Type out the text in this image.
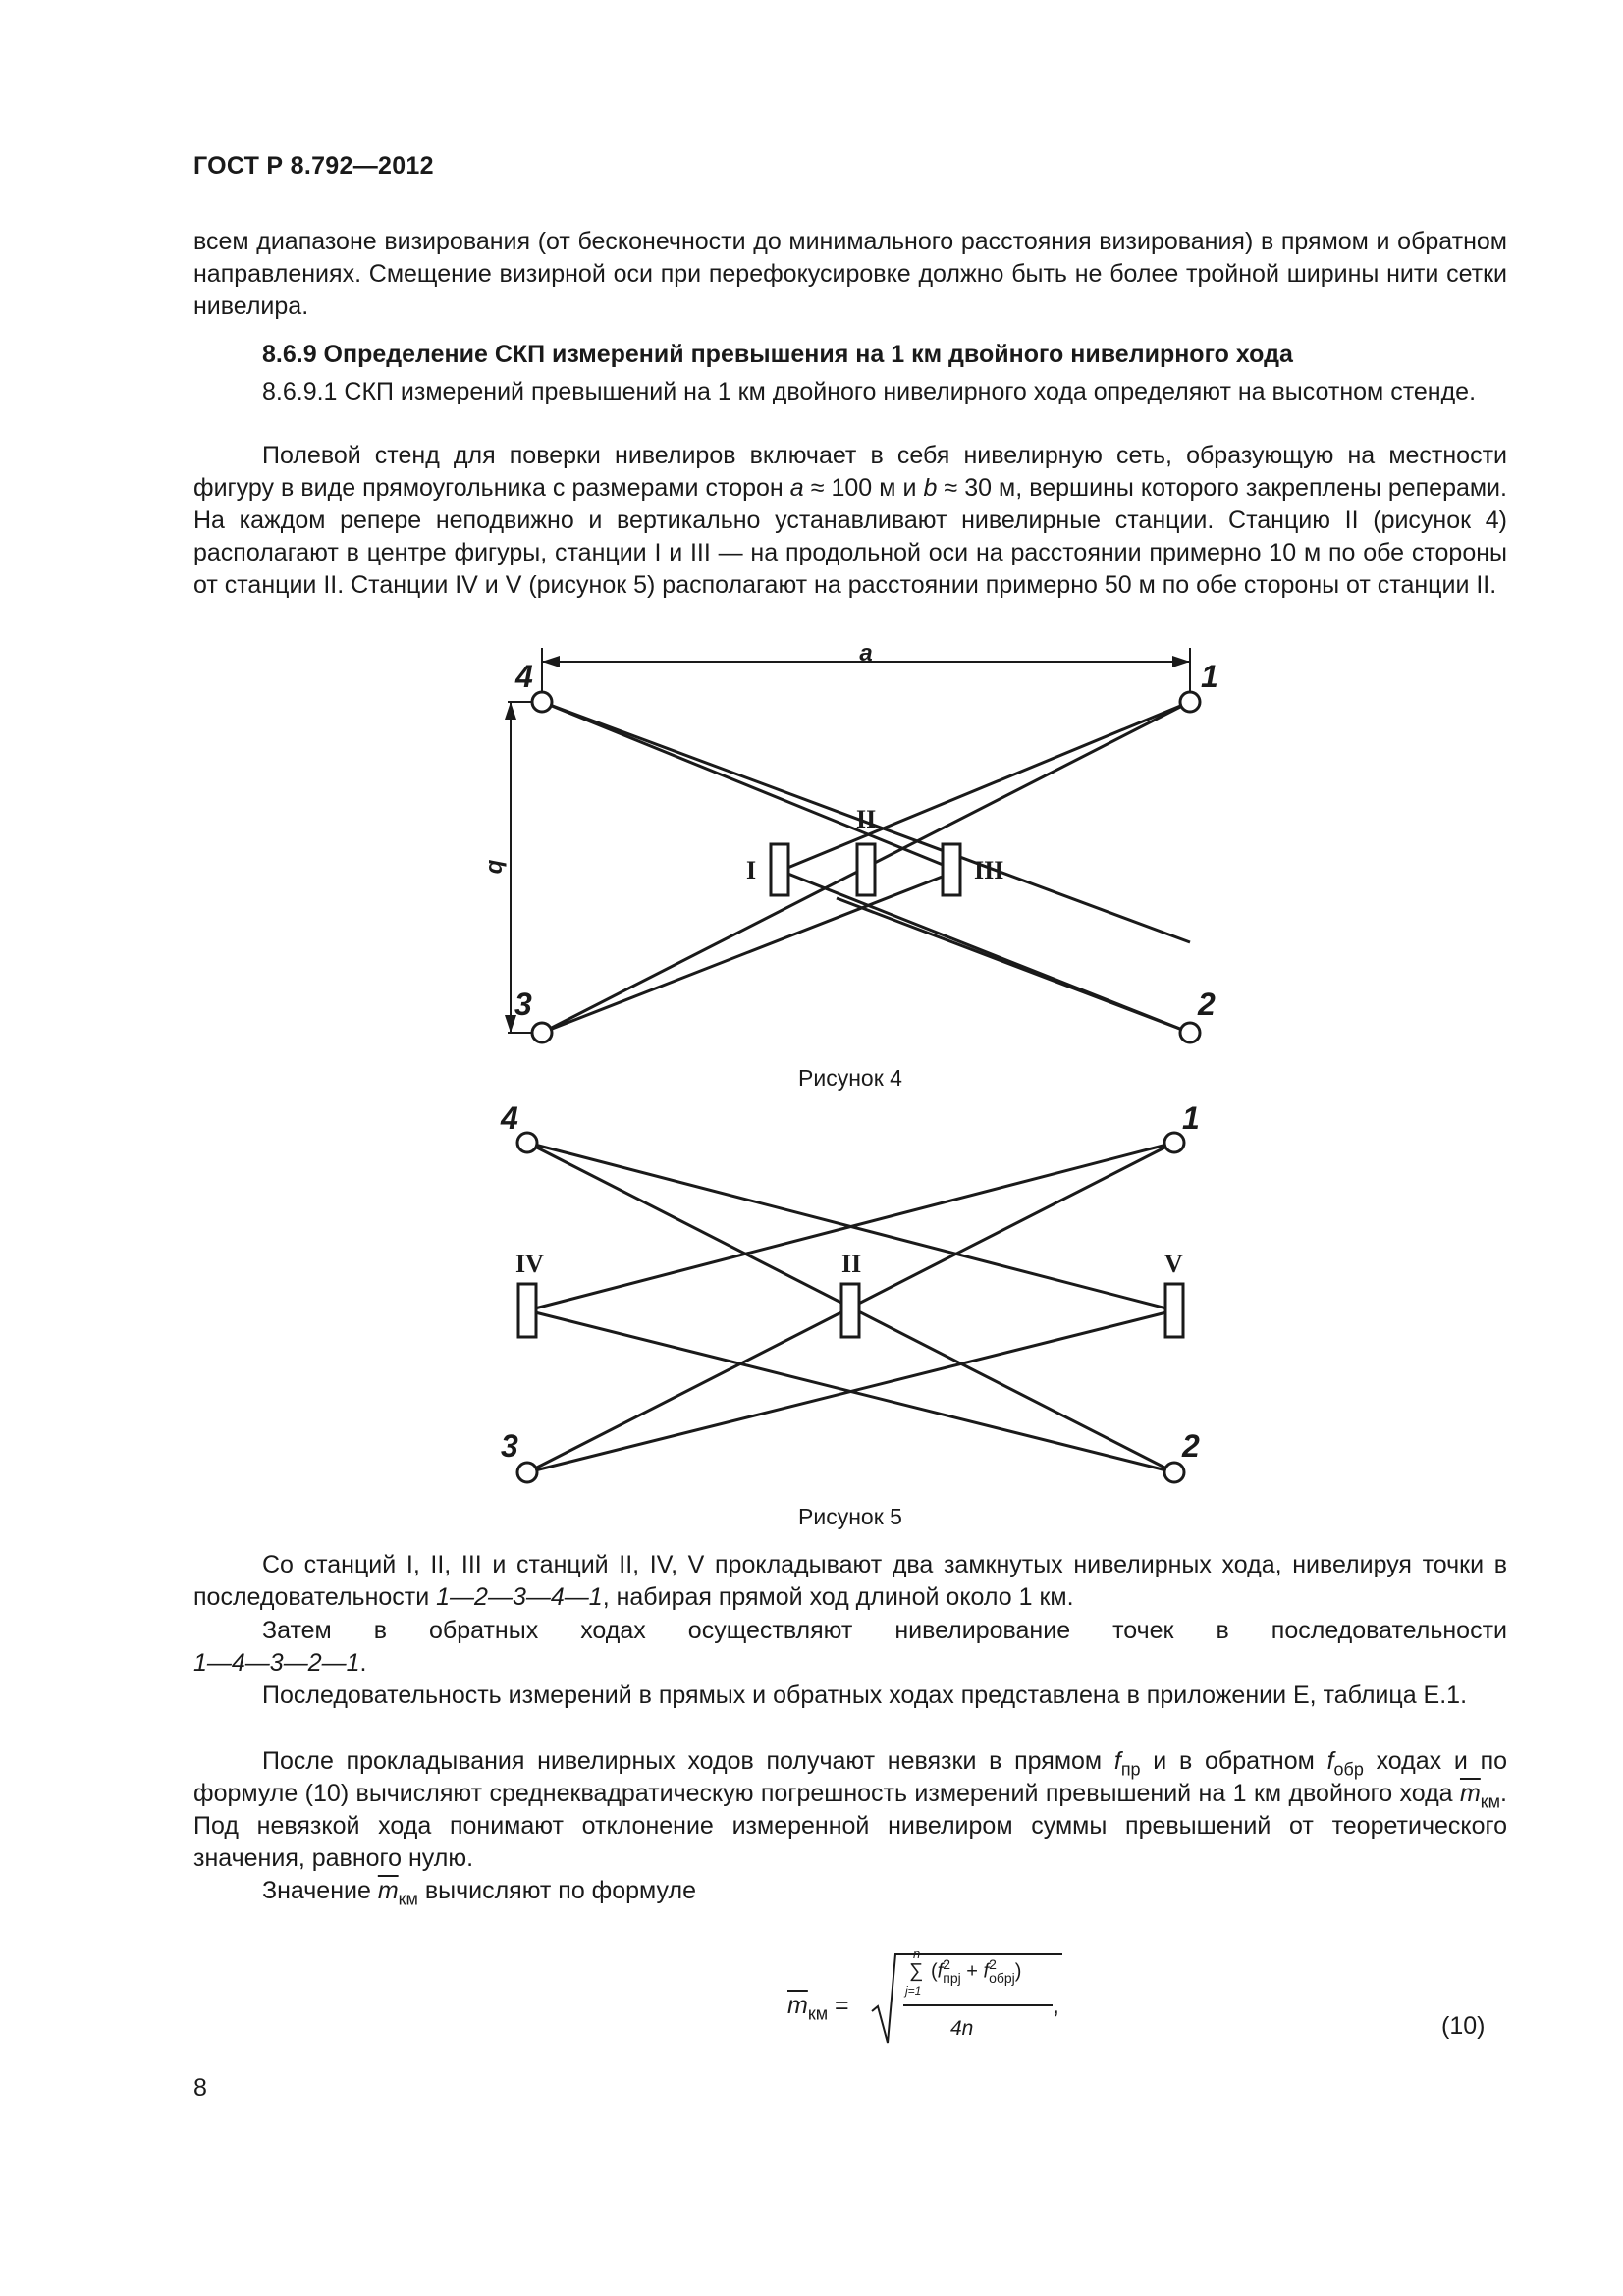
ГОСТ Р 8.792—2012

всем диапазоне визирования (от бесконечности до минимального расстояния визирования) в прямом и обратном направлениях. Смещение визирной оси при перефокусировке должно быть не более тройной ширины нити сетки нивелира.

8.6.9 Определение СКП измерений превышения на 1 км двойного нивелирного хода

8.6.9.1 СКП измерений превышений на 1 км двойного нивелирного хода определяют на высотном стенде.

Полевой стенд для поверки нивелиров включает в себя нивелирную сеть, образующую на местности фигуру в виде прямоугольника с размерами сторон a ≈ 100 м и b ≈ 30 м, вершины которого закреплены реперами. На каждом репере неподвижно и вертикально устанавливают нивелирные станции. Станцию II (рисунок 4) располагают в центре фигуры, станции I и III — на продольной оси на расстоянии примерно 10 м по обе стороны от станции II. Станции IV и V (рисунок 5) располагают на расстоянии примерно 50 м по обе стороны от станции II.

a
b
1
2
3
4
I
II
III
Рисунок 4
1
2
3
4
IV	II	V
Рисунок 5

Со станций I, II, III и станций II, IV, V прокладывают два замкнутых нивелирных хода, нивелируя точки в последовательности 1—2—3—4—1, набирая прямой ход длиной около 1 км.

Затем в обратных ходах осуществляют нивелирование точек в последовательности

1—4—3—2—1.

Последовательность измерений в прямых и обратных ходах представлена в приложении Е, таблица Е.1.

После прокладывания нивелирных ходов получают невязки в прямом $f_{пр}$ и в обратном $f_{обр}$ ходах и по формуле (10) вычисляют среднеквадратическую погрешность измерений превышений на 1 км двойного хода $\overline{m}_{км}$. Под невязкой хода понимают отклонение измеренной нивелиром суммы превышений от теоретического значения, равного нулю.

Значение $\overline{m}_{км}$ вычисляют по формуле

$\overline{m}_{км}$ =
n
∑
j=1
(f 2
прj + f 2
обрj )
4n
,
(10)
8
